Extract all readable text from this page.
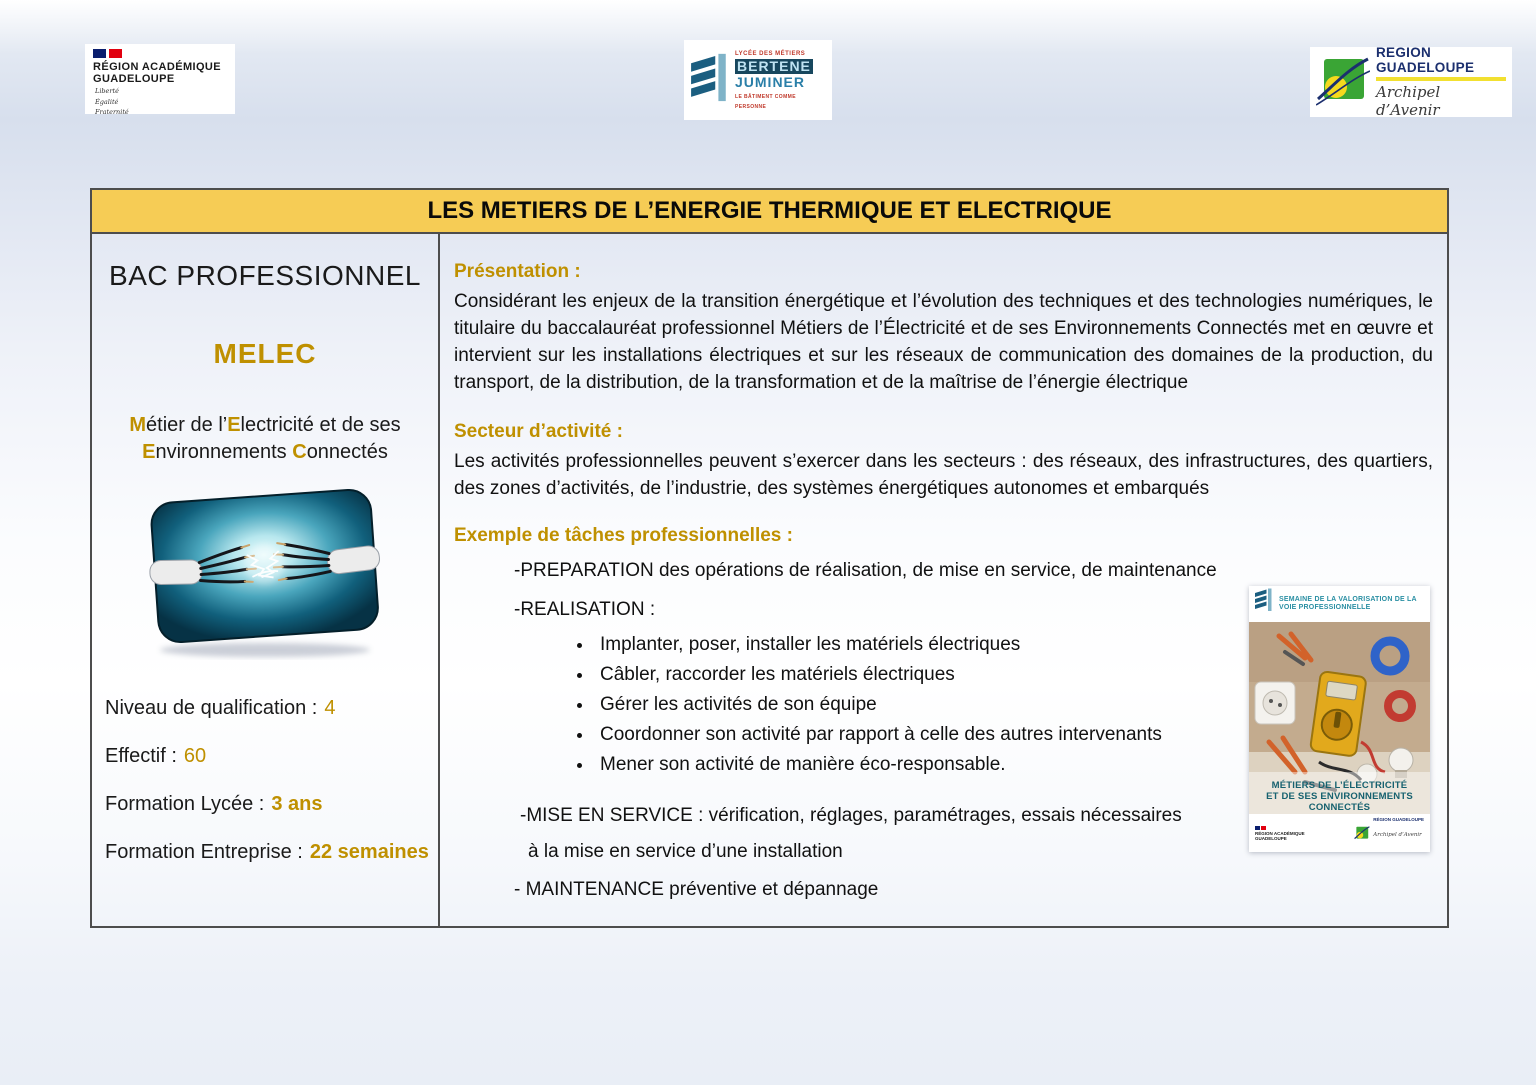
RÉGION ACADÉMIQUE
GUADELOUPE
Liberté
Égalité
Fraternité
LYCÉE DES MÉTIERS
BERTENE
JUMINER
LE BÂTIMENT COMME PERSONNE
REGION GUADELOUPE
Archipel d’Avenir
LES METIERS DE L’ENERGIE THERMIQUE ET ELECTRIQUE
BAC PROFESSIONNEL
MELEC
Métier de l’Electricité et de ses Environnements Connectés
Niveau de qualification : 4
Effectif : 60
Formation Lycée : 3 ans
Formation Entreprise : 22 semaines
Présentation :

Considérant les enjeux de la transition énergétique et l’évolution des techniques et des technologies numériques, le titulaire du baccalauréat professionnel Métiers de l’Électricité et de ses Environnements Connectés met en œuvre et intervient sur les installations électriques et sur les réseaux de communication des domaines de la production, du transport, de la distribution, de la transformation et de la maîtrise de l’énergie électrique

Secteur d’activité :

Les activités professionnelles peuvent s’exercer dans les secteurs : des réseaux, des infrastructures, des quartiers, des zones d’activités, de l’industrie, des systèmes énergétiques autonomes et embarqués

Exemple de tâches professionnelles :
-PREPARATION des opérations de réalisation, de mise en service, de maintenance
-REALISATION :
• Implanter, poser, installer les matériels électriques
• Câbler, raccorder les matériels électriques
• Gérer les activités de son équipe
• Coordonner son activité par rapport à celle des autres intervenants
• Mener son activité de manière éco-responsable.
-MISE EN SERVICE : vérification, réglages, paramétrages, essais nécessaires
à la mise en service d’une installation
- MAINTENANCE préventive et dépannage
SEMAINE DE LA VALORISATION DE LA VOIE PROFESSIONNELLE
MÉTIERS DE L’ÉLECTRICITÉ
ET DE SES ENVIRONNEMENTS
CONNECTÉS
RÉGION ACADÉMIQUE
GUADELOUPE
RÉGION GUADELOUPE
Archipel d’Avenir
